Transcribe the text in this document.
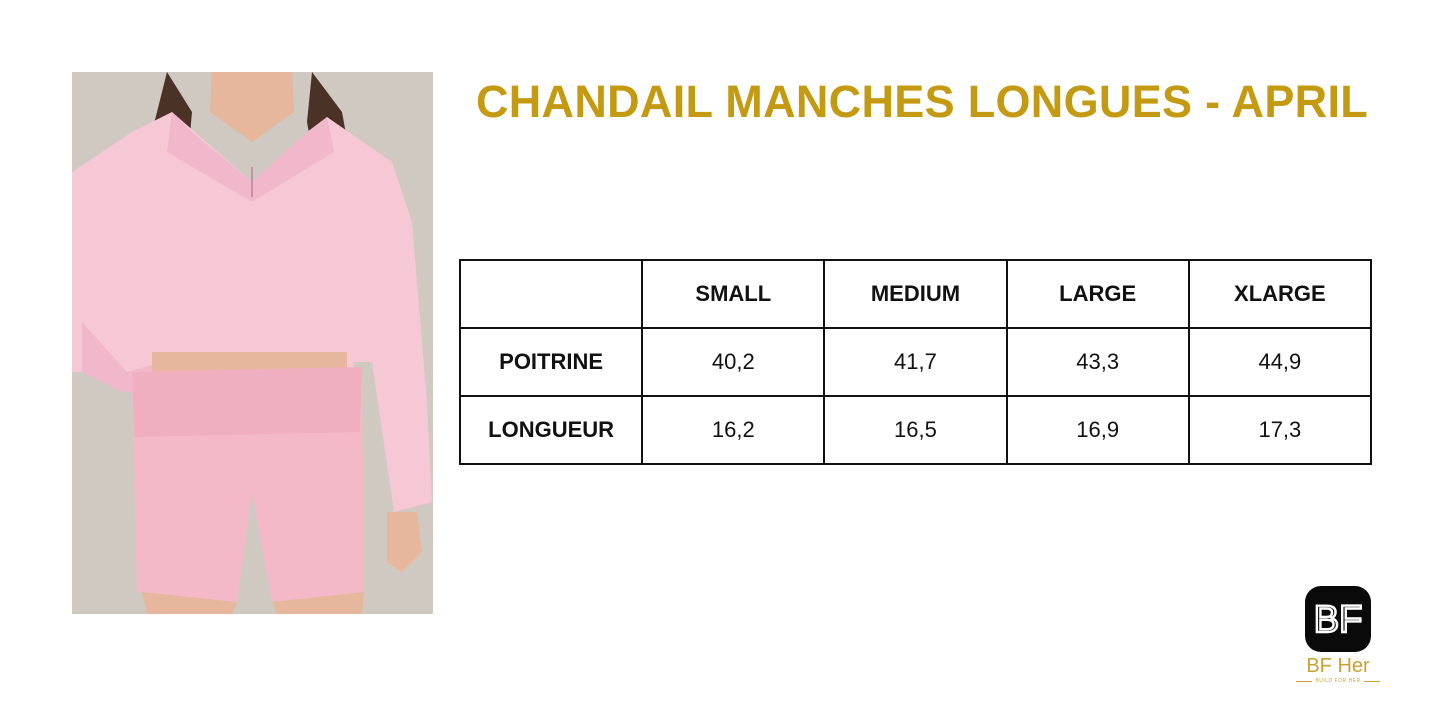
CHANDAIL MANCHES LONGUES - APRIL
	SMALL	MEDIUM	LARGE	XLARGE
POITRINE	40,2	41,7	43,3	44,9
LONGUEUR	16,2	16,5	16,9	17,3
BF
BF Her
BUILD FOR HER
